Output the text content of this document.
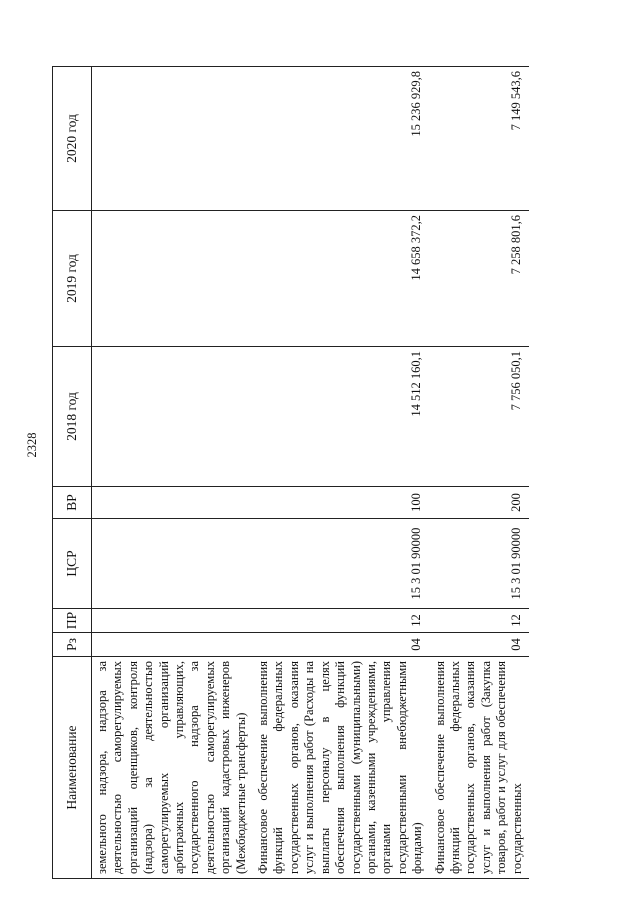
2328
Наименование	Рз	ПР	ЦСР	ВР	2018 год	2019 год	2020 год
земельного надзора, надзора за деятельностью саморегулируемых организаций оценщиков, контроля (надзора) за деятельностью саморегулируемых организаций арбитражных управляющих, государственного надзора за деятельностью саморегулируемых организаций кадастровых инженеров (Межбюджетные трансферты)							
Финансовое обеспечение выполнения функций федеральных государственных органов, оказания услуг и выполнения работ (Расходы на выплаты персоналу в целях обеспечения выполнения функций государственными (муниципальными) органами, казенными учреждениями, органами управления государственными внебюджетными фондами)	04	12	15 3 01 90000	100	14 512 160,1	14 658 372,2	15 236 929,8
Финансовое обеспечение выполнения функций федеральных государственных органов, оказания услуг и выполнения работ (Закупка товаров, работ и услуг для обеспечения государственных	04	12	15 3 01 90000	200	7 756 050,1	7 258 801,6	7 149 543,6
